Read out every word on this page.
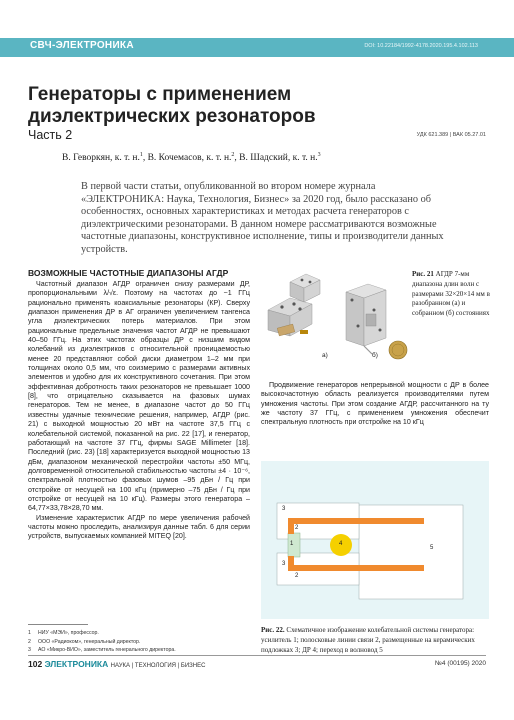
СВЧ-ЭЛЕКТРОНИКА	DOI: 10.22184/1992-4178.2020.195.4.102.113
Генераторы с применением
диэлектрических резонаторов
Часть 2	УДК 621.389 | ВАК 05.27.01
В. Геворкян, к. т. н.$^1$, В. Кочемасов, к. т. н.$^2$, В. Шадский, к. т. н.$^3$
В первой части статьи, опубликованной во втором номере журнала «ЭЛЕКТРОНИКА: Наука, Технология, Бизнес» за 2020 год, было рассказано об особенностях, основных характеристиках и методах расчета генераторов с диэлектрическими резонаторами. В данном номере рассматриваются возможные частотные диапазоны, конструктивное исполнение, типы и производители данных устройств.
ВОЗМОЖНЫЕ ЧАСТОТНЫЕ ДИАПАЗОНЫ АГДР

Частотный диапазон АГДР ограничен снизу размерами ДР, пропорциональными λ/√ε. Поэтому на частотах до ~1 ГГц рационально применять коаксиальные резонаторы (КР). Сверху диапазон применения ДР в АГ ограничен увеличением тангенса угла диэлектрических потерь материалов. При этом рациональные предельные значения частот АГДР не превышают 40–50 ГГц. На этих частотах образцы ДР с низшим видом колебаний из диэлектриков с относительной проницаемостью менее 20 представляют собой диски диаметром 1–2 мм при толщинах около 0,5 мм, что соизмеримо с размерами активных элементов и удобно для их конструктивного сочетания. При этом эффективная добротность таких резонаторов не превышает 1000 [8], что отрицательно сказывается на фазовых шумах генераторов. Тем не менее, в диапазоне частот до 50 ГГц известны удачные технические решения, например, АГДР (рис. 21) с выходной мощностью 20 мВт на частоте 37,5 ГГц с колебательной системой, показанной на рис. 22 [17], и генератор, работающий на частоте 37 ГГц, фирмы SAGE Millimeter [18]. Последний (рис. 23) [18] характеризуется выходной мощностью 13 дБм, диапазоном механической перестройки частоты ±50 МГц, долговременной относительной стабильностью частоты ±4 · 10⁻⁶, спектральной плотностью фазовых шумов –95 дБн / Гц при отстройке от несущей на 100 кГц (примерно –75 дБн / Гц при отстройке от несущей на 10 кГц). Размеры этого генератора – 64,77×33,78×28,70 мм.

Изменение характеристик АГДР по мере увеличения рабочей частоты можно проследить, анализируя данные табл. 6 для серии устройств, выпускаемых компанией MITEQ [20].

1	НИУ «МЭИ», профессор.
2	ООО «Радиоком», генеральный директор.
3	АО «Микро-ВИО», заместитель генерального директора.
а)	б)
Рис. 21 АГДР 7-мм диапазона длин волн с размерами 32×20×14 мм в разобранном (а) и собранном (б) состояниях

Продвижение генераторов непрерывной мощности с ДР в более высокочастотную область реализуется производителями путем умножения частоты. При этом создание АГДР, рассчитанного на ту же частоту 37 ГГц, с применением умножения обеспечит спектральную плотность при отстройке на 10 кГц

3
2
1	4
5
3
2
Рис. 22. Схематичное изображение колебательной системы генератора: усилитель 1; полосковые линии связи 2, размещенные на керамических подложках 3; ДР 4; переход в волновод 5
102 ЭЛЕКТРОНИКА НАУКА | ТЕХНОЛОГИЯ | БИЗНЕС	№4 (00195) 2020
